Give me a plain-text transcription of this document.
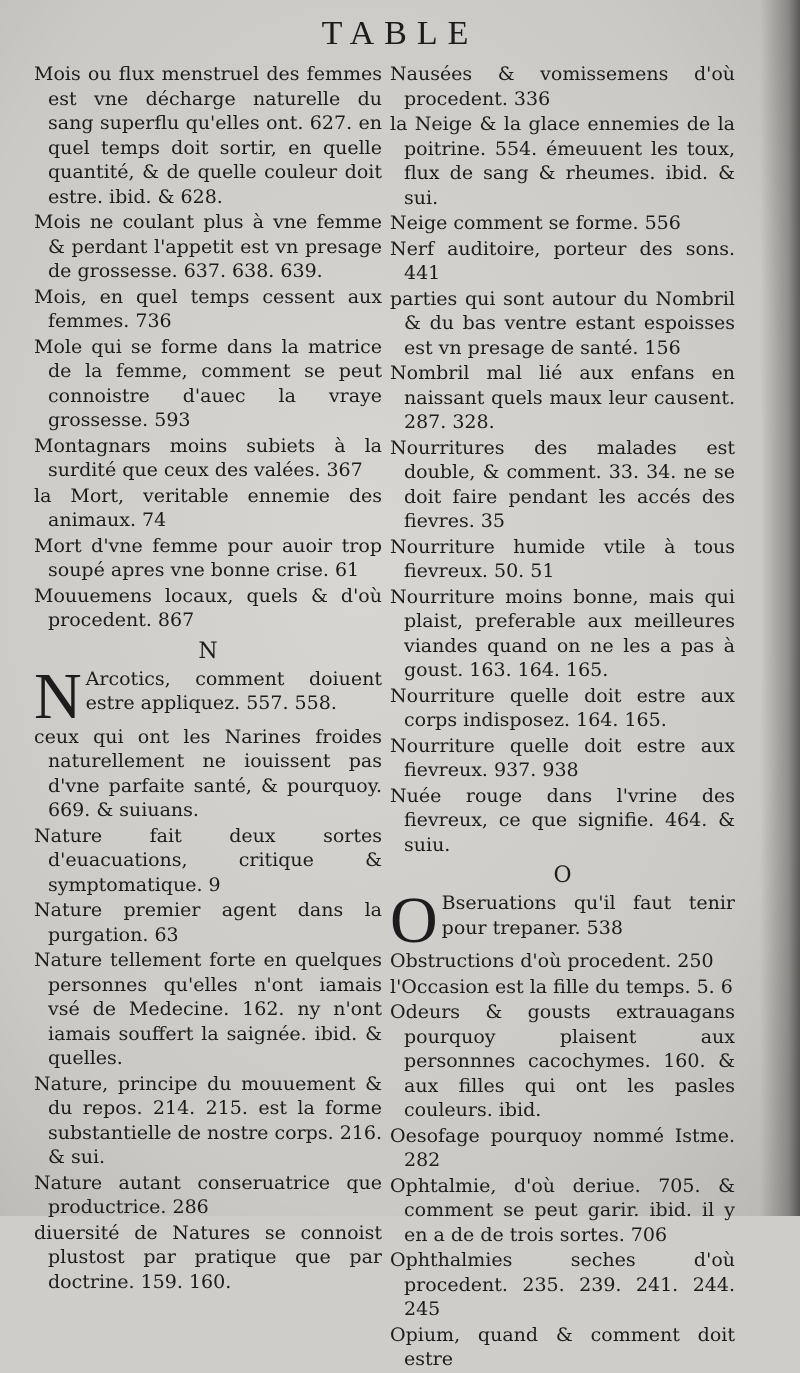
TABLE

Mois ou flux menstruel des femmes est vne décharge naturelle du sang superflu qu'elles ont. 627. en quel temps doit sortir, en quelle quantité, & de quelle couleur doit estre. ibid. & 628.

Mois ne coulant plus à vne femme & perdant l'appetit est vn presage de grossesse. 637. 638. 639.

Mois, en quel temps cessent aux femmes. 736

Mole qui se forme dans la matrice de la femme, comment se peut connoistre d'auec la vraye grossesse. 593

Montagnars moins subiets à la surdité que ceux des valées. 367

la Mort, veritable ennemie des animaux. 74

Mort d'vne femme pour auoir trop soupé apres vne bonne crise. 61

Mouuemens locaux, quels & d'où procedent. 867

N

N Arcotics, comment doiuent estre appliquez. 557. 558.

ceux qui ont les Narines froides naturellement ne iouissent pas d'vne parfaite santé, & pourquoy. 669. & suiuans.

Nature fait deux sortes d'euacuations, critique & symptomatique. 9

Nature premier agent dans la purgation. 63

Nature tellement forte en quelques personnes qu'elles n'ont iamais vsé de Medecine. 162. ny n'ont iamais souffert la saignée. ibid. & quelles.

Nature, principe du mouuement & du repos. 214. 215. est la forme substantielle de nostre corps. 216. & sui.

Nature autant conseruatrice que productrice. 286

diuersité de Natures se connoist plustost par pratique que par doctrine. 159. 160.

Nausées & vomissemens d'où procedent. 336

la Neige & la glace ennemies de la poitrine. 554. émeuuent les toux, flux de sang & rheumes. ibid. & sui.

Neige comment se forme. 556

Nerf auditoire, porteur des sons. 441

parties qui sont autour du Nombril & du bas ventre estant espoisses est vn presage de santé. 156

Nombril mal lié aux enfans en naissant quels maux leur causent. 287. 328.

Nourritures des malades est double, & comment. 33. 34. ne se doit faire pendant les accés des fievres. 35

Nourriture humide vtile à tous fievreux. 50. 51

Nourriture moins bonne, mais qui plaist, preferable aux meilleures viandes quand on ne les a pas à goust. 163. 164. 165.

Nourriture quelle doit estre aux corps indisposez. 164. 165.

Nourriture quelle doit estre aux fievreux. 937. 938

Nuée rouge dans l'vrine des fievreux, ce que signifie. 464. & suiu.

O

O Bseruations qu'il faut tenir pour trepaner. 538

Obstructions d'où procedent. 250

l'Occasion est la fille du temps. 5. 6

Odeurs & gousts extrauagans pourquoy plaisent aux personnnes cacochymes. 160. & aux filles qui ont les pasles couleurs. ibid.

Oesofage pourquoy nommé Istme. 282

Ophtalmie, d'où deriue. 705. & comment se peut garir. ibid. il y en a de de trois sortes. 706

Ophthalmies seches d'où procedent. 235. 239. 241. 244. 245

Opium, quand & comment doit estre
